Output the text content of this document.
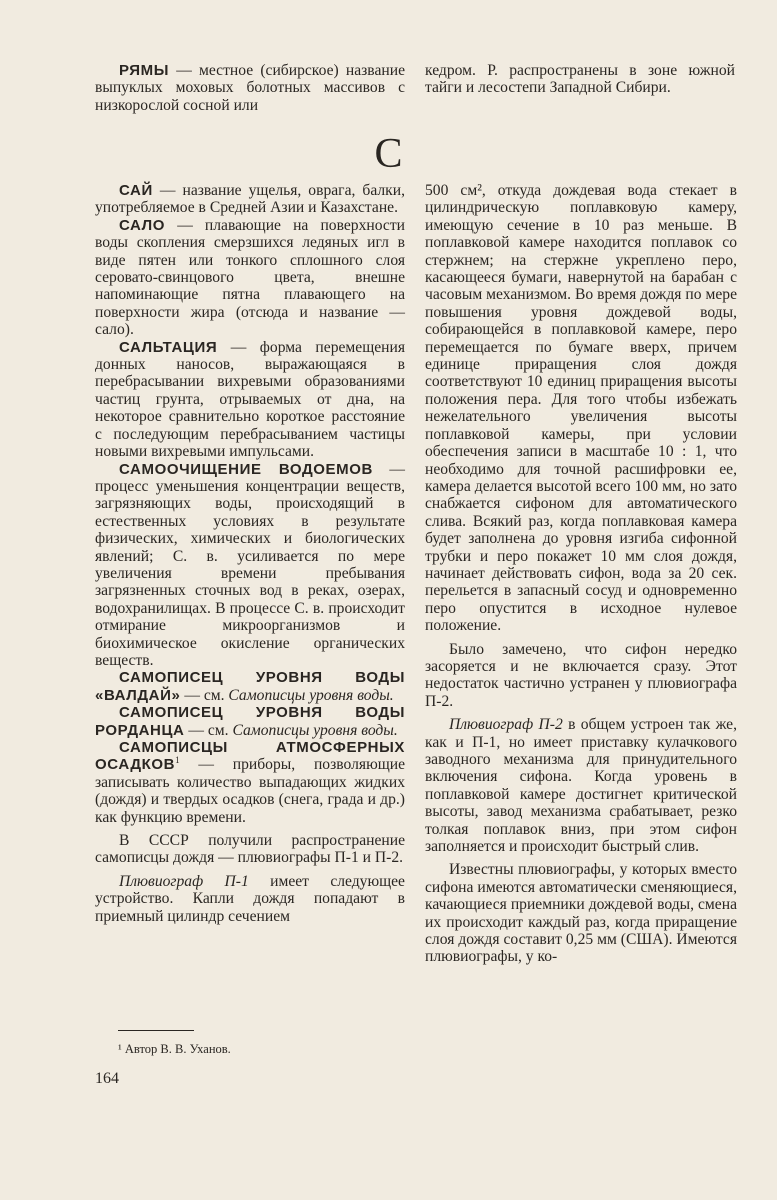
РЯМЫ — местное (сибирское) название выпуклых моховых болотных массивов с низкорослой сосной или

кедром. Р. распространены в зоне южной тайги и лесостепи Западной Сибири.

С

САЙ — название ущелья, оврага, балки, употребляемое в Средней Азии и Казахстане.

САЛО — плавающие на поверхности воды скопления смерзшихся ледяных игл в виде пятен или тонкого сплошного слоя серовато-свинцового цвета, внешне напоминающие пятна плавающего на поверхности жира (отсюда и название — сало).

САЛЬТАЦИЯ — форма перемещения донных наносов, выражающаяся в перебрасывании вихревыми образованиями частиц грунта, отрываемых от дна, на некоторое сравнительно короткое расстояние с последующим перебрасыванием частицы новыми вихревыми импульсами.

САМООЧИЩЕНИЕ ВОДОЕМОВ — процесс уменьшения концентрации веществ, загрязняющих воды, происходящий в естественных условиях в результате физических, химических и биологических явлений; С. в. усиливается по мере увеличения времени пребывания загрязненных сточных вод в реках, озерах, водохранилищах. В процессе С. в. происходит отмирание микроорганизмов и биохимическое окисление органических веществ.

САМОПИСЕЦ УРОВНЯ ВОДЫ «ВАЛДАЙ» — см. Самописцы уровня воды.

САМОПИСЕЦ УРОВНЯ ВОДЫ РОРДАНЦА — см. Самописцы уровня воды.

САМОПИСЦЫ АТМОСФЕРНЫХ ОСАДКОВ$^1$ — приборы, позволяющие записывать количество выпадающих жидких (дождя) и твердых осадков (снега, града и др.) как функцию времени.

В СССР получили распространение самописцы дождя — плювиографы П-1 и П-2.

Плювиограф П-1 имеет следующее устройство. Капли дождя попадают в приемный цилиндр сечением

500 см², откуда дождевая вода стекает в цилиндрическую поплавковую камеру, имеющую сечение в 10 раз меньше. В поплавковой камере находится поплавок со стержнем; на стержне укреплено перо, касающееся бумаги, навернутой на барабан с часовым механизмом. Во время дождя по мере повышения уровня дождевой воды, собирающейся в поплавковой камере, перо перемещается по бумаге вверх, причем единице приращения слоя дождя соответствуют 10 единиц приращения высоты положения пера. Для того чтобы избежать нежелательного увеличения высоты поплавковой камеры, при условии обеспечения записи в масштабе 10 : 1, что необходимо для точной расшифровки ее, камера делается высотой всего 100 мм, но зато снабжается сифоном для автоматического слива. Всякий раз, когда поплавковая камера будет заполнена до уровня изгиба сифонной трубки и перо покажет 10 мм слоя дождя, начинает действовать сифон, вода за 20 сек. перельется в запасный сосуд и одновременно перо опустится в исходное нулевое положение.

Было замечено, что сифон нередко засоряется и не включается сразу. Этот недостаток частично устранен у плювиографа П-2.

Плювиограф П-2 в общем устроен так же, как и П-1, но имеет приставку кулачкового заводного механизма для принудительного включения сифона. Когда уровень в поплавковой камере достигнет критической высоты, завод механизма срабатывает, резко толкая поплавок вниз, при этом сифон заполняется и происходит быстрый слив.

Известны плювиографы, у которых вместо сифона имеются автоматически сменяющиеся, качающиеся приемники дождевой воды, смена их происходит каждый раз, когда приращение слоя дождя составит 0,25 мм (США). Имеются плювиографы, у ко-

¹ Автор В. В. Уханов.
164
